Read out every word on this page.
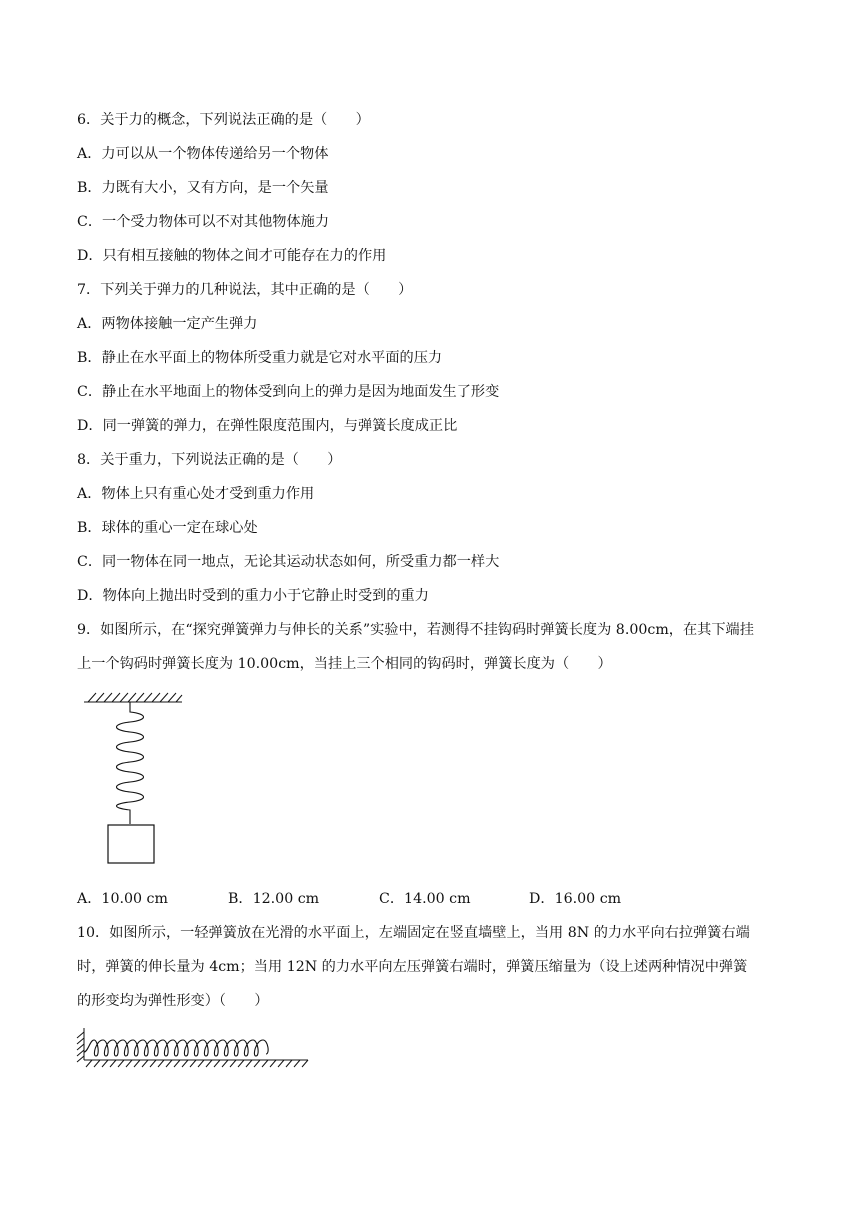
6．关于力的概念，下列说法正确的是（　　）
A．力可以从一个物体传递给另一个物体
B．力既有大小，又有方向，是一个矢量
C．一个受力物体可以不对其他物体施力
D．只有相互接触的物体之间才可能存在力的作用
7．下列关于弹力的几种说法，其中正确的是（　　）
A．两物体接触一定产生弹力
B．静止在水平面上的物体所受重力就是它对水平面的压力
C．静止在水平地面上的物体受到向上的弹力是因为地面发生了形变
D．同一弹簧的弹力，在弹性限度范围内，与弹簧长度成正比
8．关于重力，下列说法正确的是（　　）
A．物体上只有重心处才受到重力作用
B．球体的重心一定在球心处
C．同一物体在同一地点，无论其运动状态如何，所受重力都一样大
D．物体向上抛出时受到的重力小于它静止时受到的重力
9．如图所示，在“探究弹簧弹力与伸长的关系”实验中，若测得不挂钩码时弹簧长度为 8.00cm，在其下端挂
上一个钩码时弹簧长度为 10.00cm，当挂上三个相同的钩码时，弹簧长度为（　　）
A．10.00 cm	B．12.00 cm	C．14.00 cm	D．16.00 cm
10．如图所示，一轻弹簧放在光滑的水平面上，左端固定在竖直墙壁上，当用 8N 的力水平向右拉弹簧右端
时，弹簧的伸长量为 4cm；当用 12N 的力水平向左压弹簧右端时，弹簧压缩量为（设上述两种情况中弹簧
的形变均为弹性形变）（　　）
